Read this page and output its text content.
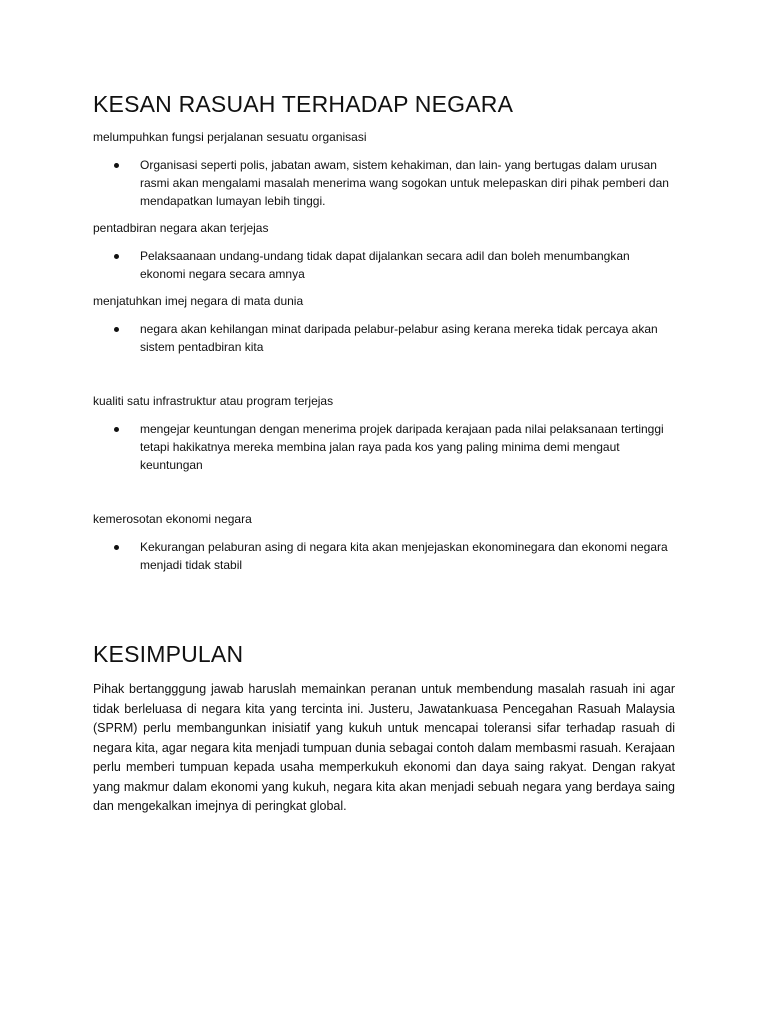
KESAN RASUAH TERHADAP NEGARA

melumpuhkan fungsi perjalanan sesuatu organisasi

Organisasi seperti polis, jabatan awam, sistem kehakiman, dan lain- yang bertugas dalam urusan rasmi akan mengalami masalah menerima wang sogokan untuk melepaskan diri pihak pemberi dan mendapatkan lumayan lebih tinggi.

pentadbiran negara akan terjejas

Pelaksaanaan undang-undang tidak dapat dijalankan secara adil dan boleh menumbangkan ekonomi negara secara amnya

menjatuhkan imej negara di mata dunia

negara akan kehilangan minat daripada pelabur-pelabur asing kerana mereka tidak percaya akan sistem pentadbiran kita

kualiti satu infrastruktur atau program terjejas

mengejar keuntungan dengan menerima projek daripada kerajaan pada nilai pelaksanaan tertinggi tetapi hakikatnya mereka membina jalan raya pada kos yang paling minima demi mengaut keuntungan

kemerosotan ekonomi negara

Kekurangan pelaburan asing di negara kita akan menjejaskan ekonominegara dan ekonomi negara menjadi tidak stabil
KESIMPULAN

Pihak bertangggung jawab haruslah memainkan peranan untuk membendung masalah rasuah ini agar tidak berleluasa di negara kita yang tercinta ini. Justeru, Jawatankuasa Pencegahan Rasuah Malaysia (SPRM) perlu membangunkan inisiatif yang kukuh untuk mencapai toleransi sifar terhadap rasuah di negara kita, agar negara kita menjadi tumpuan dunia sebagai contoh dalam membasmi rasuah. Kerajaan perlu memberi tumpuan kepada usaha memperkukuh ekonomi dan daya saing rakyat. Dengan rakyat yang makmur dalam ekonomi yang kukuh, negara kita akan menjadi sebuah negara yang berdaya saing dan mengekalkan imejnya di peringkat global.
